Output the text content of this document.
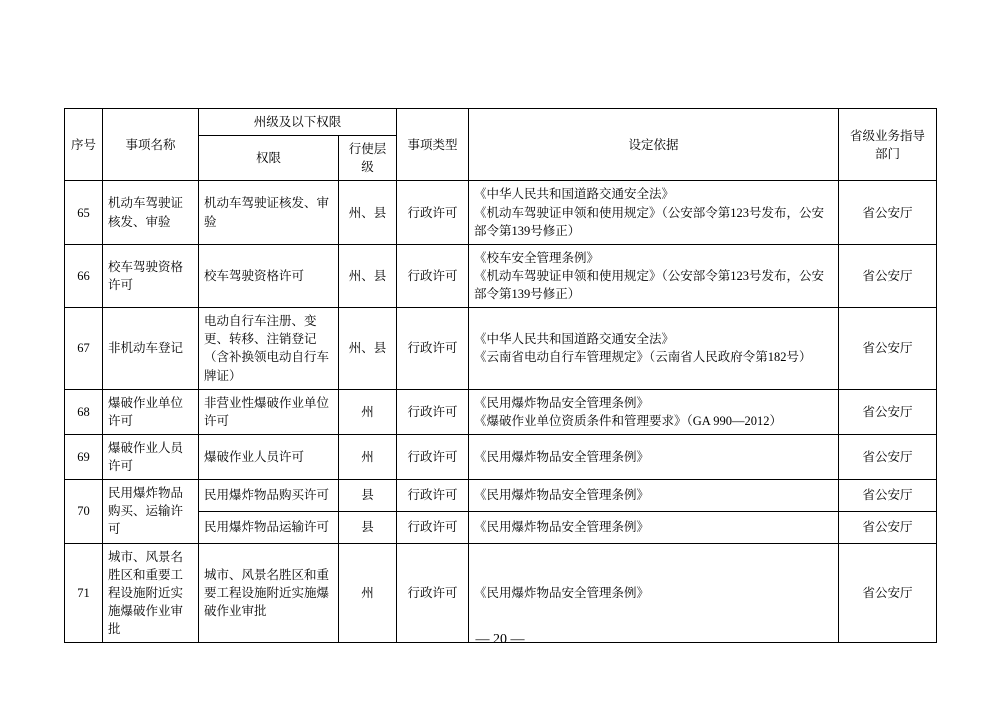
序号	事项名称	州级及以下权限		事项类型	设定依据	省级业务指导部门
		权限	行使层级			
65	机动车驾驶证核发、审验	机动车驾驶证核发、审验	州、县	行政许可	《中华人民共和国道路交通安全法》
《机动车驾驶证申领和使用规定》（公安部令第123号发布，公安部令第139号修正）	省公安厅
66	校车驾驶资格许可	校车驾驶资格许可	州、县	行政许可	《校车安全管理条例》
《机动车驾驶证申领和使用规定》（公安部令第123号发布，公安部令第139号修正）	省公安厅
67	非机动车登记	电动自行车注册、变更、转移、注销登记（含补换领电动自行车牌证）	州、县	行政许可	《中华人民共和国道路交通安全法》
《云南省电动自行车管理规定》（云南省人民政府令第182号）	省公安厅
68	爆破作业单位许可	非营业性爆破作业单位许可	州	行政许可	《民用爆炸物品安全管理条例》
《爆破作业单位资质条件和管理要求》（GA 990—2012）	省公安厅
69	爆破作业人员许可	爆破作业人员许可	州	行政许可	《民用爆炸物品安全管理条例》	省公安厅
70	民用爆炸物品购买、运输许可	民用爆炸物品购买许可	县	行政许可	《民用爆炸物品安全管理条例》	省公安厅
		民用爆炸物品运输许可	县	行政许可	《民用爆炸物品安全管理条例》	省公安厅
71	城市、风景名胜区和重要工程设施附近实施爆破作业审批	城市、风景名胜区和重要工程设施附近实施爆破作业审批	州	行政许可	《民用爆炸物品安全管理条例》	省公安厅
— 20 —
